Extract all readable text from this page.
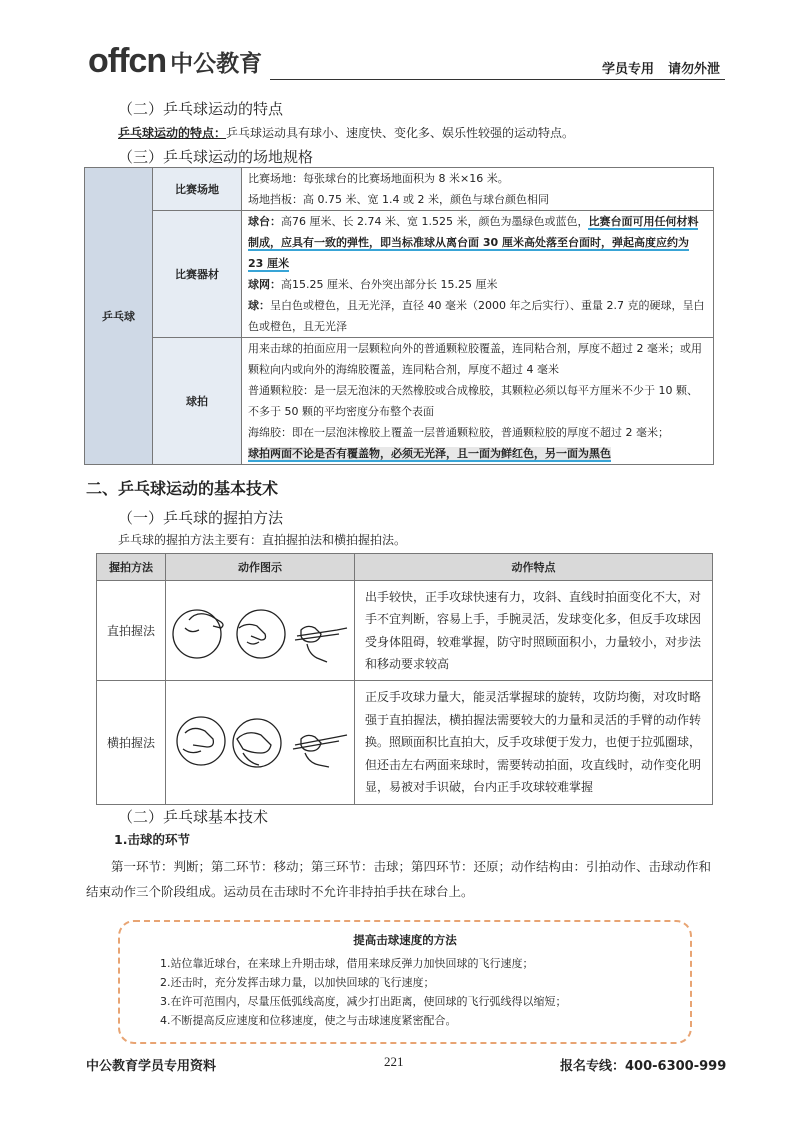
offcn 中公教育	学员专用 请勿外泄
（二）乒乓球运动的特点
乒乓球运动的特点：乒乓球运动具有球小、速度快、变化多、娱乐性较强的运动特点。
（三）乒乓球运动的场地规格
乒乓球	比赛场地	比赛场地：每张球台的比赛场地面积为 8 米×16 米。
场地挡板：高 0.75 米、宽 1.4 或 2 米，颜色与球台颜色相同

	比赛器材	球台：高76 厘米、长 2.74 米、宽 1.525 米，颜色为墨绿色或蓝色，比赛台面可用任何材料制成，应具有一致的弹性，即当标准球从离台面 30 厘米高处落至台面时，弹起高度应约为 23 厘米
球网：高15.25 厘米、台外突出部分长 15.25 厘米
球：呈白色或橙色，且无光泽，直径 40 毫米（2000 年之后实行）、重量 2.7 克的硬球，呈白色或橙色，且无光泽

	球拍	用来击球的拍面应用一层颗粒向外的普通颗粒胶覆盖，连同粘合剂，厚度不超过 2 毫米；或用颗粒向内或向外的海绵胶覆盖，连同粘合剂，厚度不超过 4 毫米
普通颗粒胶：是一层无泡沫的天然橡胶或合成橡胶，其颗粒必须以每平方厘米不少于 10 颗、不多于 50 颗的平均密度分布整个表面
海绵胶：即在一层泡沫橡胶上覆盖一层普通颗粒胶，普通颗粒胶的厚度不超过 2 毫米；
球拍两面不论是否有覆盖物，必须无光泽，且一面为鲜红色，另一面为黑色
二、乒乓球运动的基本技术
（一）乒乓球的握拍方法
乒乓球的握拍方法主要有：直拍握拍法和横拍握拍法。
握拍方法	动作图示	动作特点
直拍握法		出手较快，正手攻球快速有力，攻斜、直线时拍面变化不大，对手不宜判断，容易上手，手腕灵活，发球变化多，但反手攻球因受身体阻碍，较难掌握，防守时照顾面积小，力量较小，对步法和移动要求较高
横拍握法		正反手攻球力量大，能灵活掌握球的旋转，攻防均衡，对攻时略强于直拍握法，横拍握法需要较大的力量和灵活的手臂的动作转换。照顾面积比直拍大，反手攻球便于发力，也便于拉弧圈球，但还击左右两面来球时，需要转动拍面，攻直线时，动作变化明显，易被对手识破，台内正手攻球较难掌握
（二）乒乓球基本技术
1.击球的环节
第一环节：判断；第二环节：移动；第三环节：击球；第四环节：还原；动作结构由：引拍动作、击球动作和结束动作三个阶段组成。运动员在击球时不允许非持拍手扶在球台上。
提高击球速度的方法
1.站位靠近球台，在来球上升期击球，借用来球反弹力加快回球的飞行速度；
2.还击时，充分发挥击球力量，以加快回球的飞行速度；
3.在许可范围内，尽量压低弧线高度，减少打出距离，使回球的飞行弧线得以缩短；
4.不断提高反应速度和位移速度，使之与击球速度紧密配合。
中公教育学员专用资料	221	报名专线：400-6300-999
